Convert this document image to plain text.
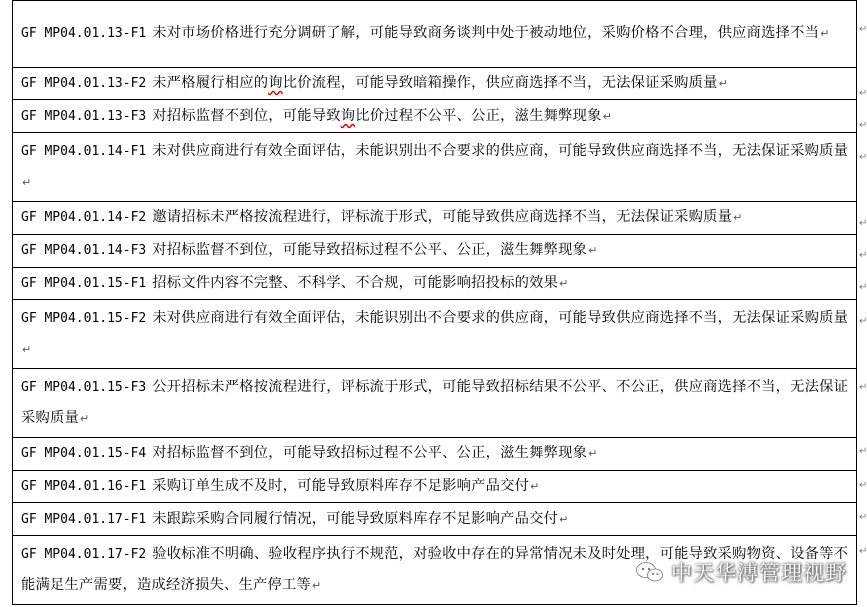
GF MP04.01.13-F1 未对市场价格进行充分调研了解，可能导致商务谈判中处于被动地位，采购价格不合理，供应商选择不当↵
GF MP04.01.13-F2 未严格履行相应的询比价流程，可能导致暗箱操作，供应商选择不当，无法保证采购质量↵
GF MP04.01.13-F3 对招标监督不到位，可能导致询比价过程不公平、公正，滋生舞弊现象↵
GF MP04.01.14-F1 未对供应商进行有效全面评估，未能识别出不合要求的供应商，可能导致供应商选择不当，无法保证采购质量↵
GF MP04.01.14-F2 邀请招标未严格按流程进行，评标流于形式，可能导致供应商选择不当，无法保证采购质量↵
GF MP04.01.14-F3 对招标监督不到位，可能导致招标过程不公平、公正，滋生舞弊现象↵
GF MP04.01.15-F1 招标文件内容不完整、不科学、不合规，可能影响招投标的效果↵
GF MP04.01.15-F2 未对供应商进行有效全面评估，未能识别出不合要求的供应商，可能导致供应商选择不当，无法保证采购质量↵
GF MP04.01.15-F3 公开招标未严格按流程进行，评标流于形式，可能导致招标结果不公平、不公正，供应商选择不当，无法保证采购质量↵
GF MP04.01.15-F4 对招标监督不到位，可能导致招标过程不公平、公正，滋生舞弊现象↵
GF MP04.01.16-F1 采购订单生成不及时，可能导致原料库存不足影响产品交付↵
GF MP04.01.17-F1 未跟踪采购合同履行情况，可能导致原料库存不足影响产品交付↵
GF MP04.01.17-F2 验收标准不明确、验收程序执行不规范，对验收中存在的异常情况未及时处理，可能导致采购物资、设备等不能满足生产需要，造成经济损失、生产停工等↵
↵
↵
↵
↵
↵
↵
↵
↵
↵
↵
↵
↵
↵
中天华溥管理视野
